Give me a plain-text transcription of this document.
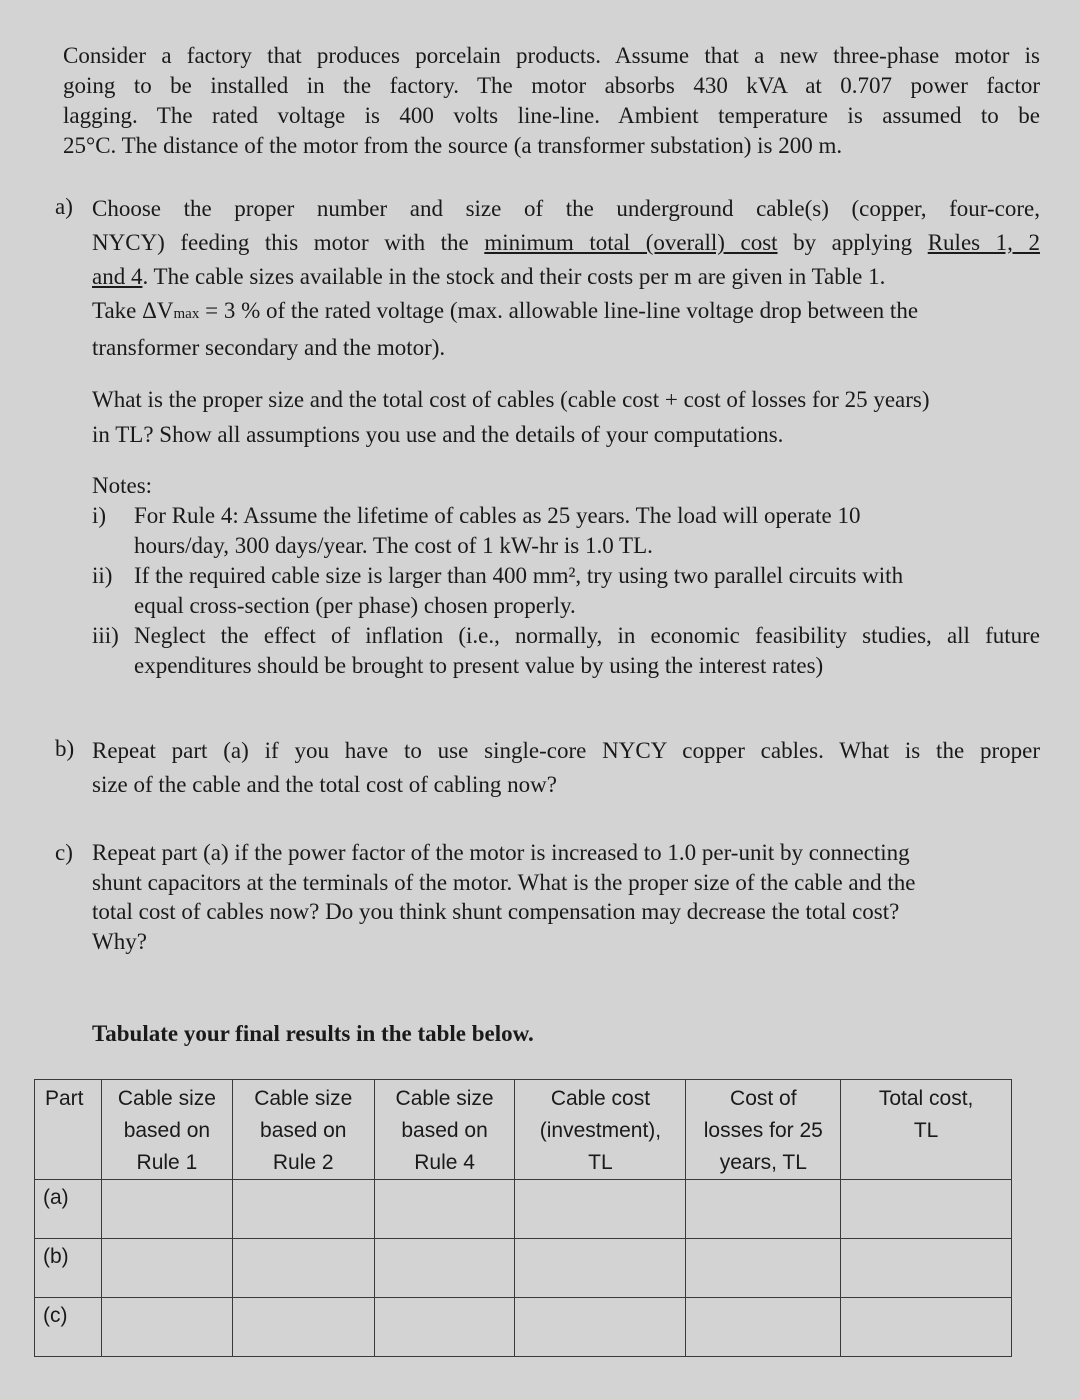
Consider a factory that produces porcelain products. Assume that a new three-phase motor is
going to be installed in the factory. The motor absorbs 430 kVA at 0.707 power factor
lagging. The rated voltage is 400 volts line-line. Ambient temperature is assumed to be
25°C. The distance of the motor from the source (a transformer substation) is 200 m.
a) Choose the proper number and size of the underground cable(s) (copper, four-core,
NYCY) feeding this motor with the minimum total (overall) cost by applying Rules 1, 2
and 4. The cable sizes available in the stock and their costs per m are given in Table 1.
Take ΔVmax = 3 % of the rated voltage (max. allowable line-line voltage drop between the
transformer secondary and the motor).
What is the proper size and the total cost of cables (cable cost + cost of losses for 25 years)
in TL? Show all assumptions you use and the details of your computations.
Notes:
i) For Rule 4: Assume the lifetime of cables as 25 years. The load will operate 10
hours/day, 300 days/year. The cost of 1 kW-hr is 1.0 TL.
ii) If the required cable size is larger than 400 mm², try using two parallel circuits with
equal cross-section (per phase) chosen properly.
iii) Neglect the effect of inflation (i.e., normally, in economic feasibility studies, all future
expenditures should be brought to present value by using the interest rates)
b) Repeat part (a) if you have to use single-core NYCY copper cables. What is the proper
size of the cable and the total cost of cabling now?
c) Repeat part (a) if the power factor of the motor is increased to 1.0 per-unit by connecting
shunt capacitors at the terminals of the motor. What is the proper size of the cable and the
total cost of cables now? Do you think shunt compensation may decrease the total cost?
Why?
Tabulate your final results in the table below.
Part	Cable size
based on
Rule 1	Cable size
based on
Rule 2	Cable size
based on
Rule 4	Cable cost
(investment),
TL	Cost of
losses for 25
years, TL	Total cost,
TL
(a)						
(b)						
(c)						
